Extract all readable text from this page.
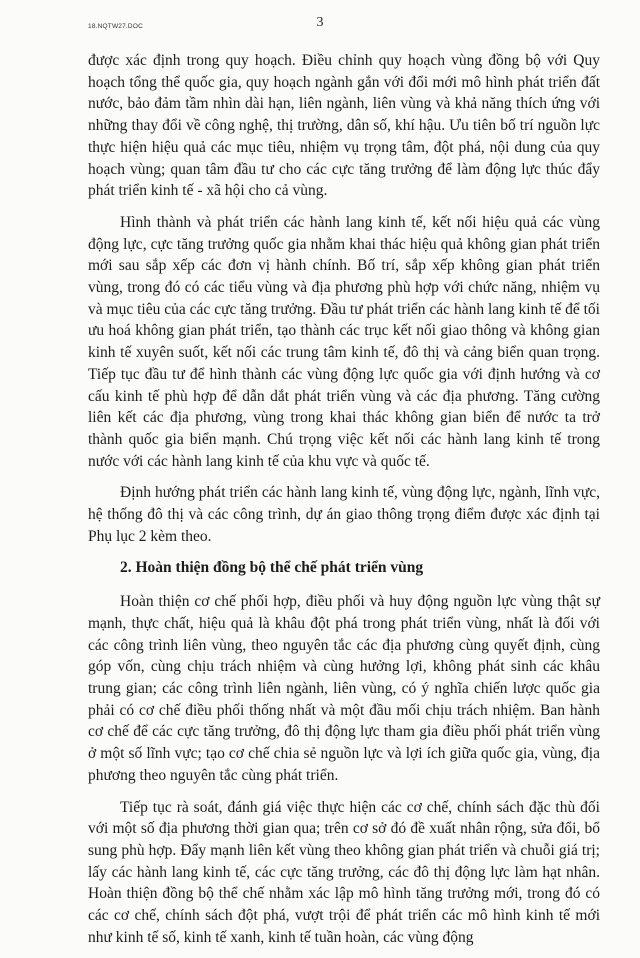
18.NQTW27.DOC	3

được xác định trong quy hoạch. Điều chỉnh quy hoạch vùng đồng bộ với Quy hoạch tổng thể quốc gia, quy hoạch ngành gắn với đổi mới mô hình phát triển đất nước, bảo đảm tầm nhìn dài hạn, liên ngành, liên vùng và khả năng thích ứng với những thay đổi về công nghệ, thị trường, dân số, khí hậu. Ưu tiên bố trí nguồn lực thực hiện hiệu quả các mục tiêu, nhiệm vụ trọng tâm, đột phá, nội dung của quy hoạch vùng; quan tâm đầu tư cho các cực tăng trưởng để làm động lực thúc đẩy phát triển kinh tế - xã hội cho cả vùng.

Hình thành và phát triển các hành lang kinh tế, kết nối hiệu quả các vùng động lực, cực tăng trưởng quốc gia nhằm khai thác hiệu quả không gian phát triển mới sau sắp xếp các đơn vị hành chính. Bố trí, sắp xếp không gian phát triển vùng, trong đó có các tiểu vùng và địa phương phù hợp với chức năng, nhiệm vụ và mục tiêu của các cực tăng trưởng. Đầu tư phát triển các hành lang kinh tế để tối ưu hoá không gian phát triển, tạo thành các trục kết nối giao thông và không gian kinh tế xuyên suốt, kết nối các trung tâm kinh tế, đô thị và cảng biển quan trọng. Tiếp tục đầu tư để hình thành các vùng động lực quốc gia với định hướng và cơ cấu kinh tế phù hợp để dẫn dắt phát triển vùng và các địa phương. Tăng cường liên kết các địa phương, vùng trong khai thác không gian biển để nước ta trở thành quốc gia biển mạnh. Chú trọng việc kết nối các hành lang kinh tế trong nước với các hành lang kinh tế của khu vực và quốc tế.

Định hướng phát triển các hành lang kinh tế, vùng động lực, ngành, lĩnh vực, hệ thống đô thị và các công trình, dự án giao thông trọng điểm được xác định tại Phụ lục 2 kèm theo.

2. Hoàn thiện đồng bộ thể chế phát triển vùng

Hoàn thiện cơ chế phối hợp, điều phối và huy động nguồn lực vùng thật sự mạnh, thực chất, hiệu quả là khâu đột phá trong phát triển vùng, nhất là đối với các công trình liên vùng, theo nguyên tắc các địa phương cùng quyết định, cùng góp vốn, cùng chịu trách nhiệm và cùng hưởng lợi, không phát sinh các khâu trung gian; các công trình liên ngành, liên vùng, có ý nghĩa chiến lược quốc gia phải có cơ chế điều phối thống nhất và một đầu mối chịu trách nhiệm. Ban hành cơ chế để các cực tăng trưởng, đô thị động lực tham gia điều phối phát triển vùng ở một số lĩnh vực; tạo cơ chế chia sẻ nguồn lực và lợi ích giữa quốc gia, vùng, địa phương theo nguyên tắc cùng phát triển.

Tiếp tục rà soát, đánh giá việc thực hiện các cơ chế, chính sách đặc thù đối với một số địa phương thời gian qua; trên cơ sở đó đề xuất nhân rộng, sửa đổi, bổ sung phù hợp. Đẩy mạnh liên kết vùng theo không gian phát triển và chuỗi giá trị; lấy các hành lang kinh tế, các cực tăng trưởng, các đô thị động lực làm hạt nhân. Hoàn thiện đồng bộ thể chế nhằm xác lập mô hình tăng trưởng mới, trong đó có các cơ chế, chính sách đột phá, vượt trội để phát triển các mô hình kinh tế mới như kinh tế số, kinh tế xanh, kinh tế tuần hoàn, các vùng động
